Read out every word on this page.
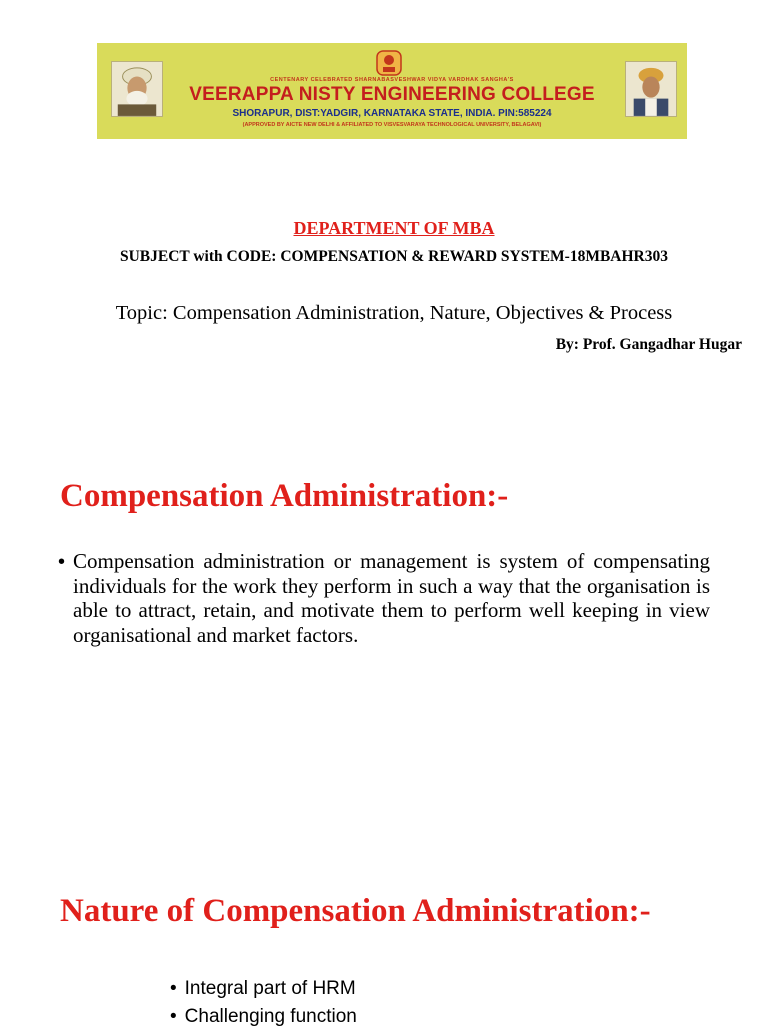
CENTENARY CELEBRATED SHARNABASVESHWAR VIDYA VARDHAK SANGHA'S
VEERAPPA NISTY ENGINEERING COLLEGE
SHORAPUR, DIST:YADGIR, KARNATAKA STATE, INDIA. PIN:585224
(APPROVED BY AICTE NEW DELHI & AFFILIATED TO VISVESVARAYA TECHNOLOGICAL UNIVERSITY, BELAGAVI)
DEPARTMENT OF MBA
SUBJECT with CODE: COMPENSATION & REWARD SYSTEM-18MBAHR303
Topic: Compensation Administration, Nature, Objectives & Process
By: Prof. Gangadhar Hugar
Compensation Administration:-
• Compensation administration or management is system of compensating individuals for the work they perform in such a way that the organisation is able to attract, retain, and motivate them to perform well keeping in view organisational and market factors.
Nature of Compensation Administration:-
• Integral part of HRM
• Challenging function
